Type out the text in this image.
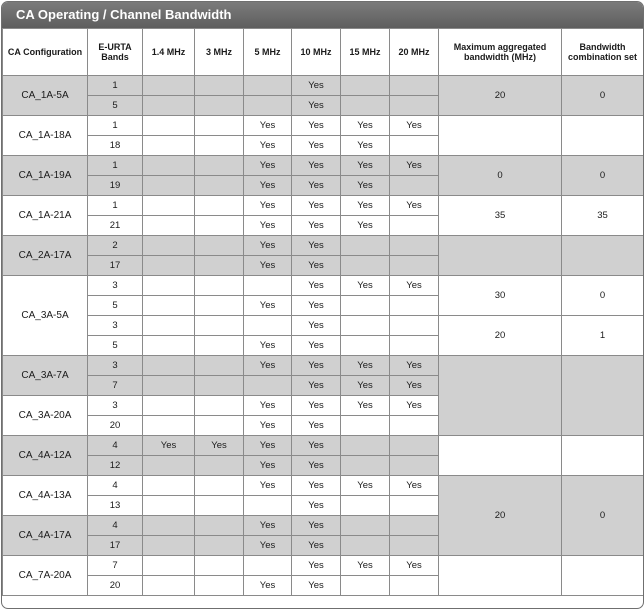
CA Operating / Channel Bandwidth
CA Configuration	E-URTA Bands	1.4 MHz	3 MHz	5 MHz	10 MHz	15 MHz	20 MHz	Maximum aggregated bandwidth (MHz)	Bandwidth combination set
CA_1A-5A	1				Yes			20	0
	5				Yes				
CA_1A-18A	1			Yes	Yes	Yes	Yes		
	18			Yes	Yes	Yes			
CA_1A-19A	1			Yes	Yes	Yes	Yes	0	0
	19			Yes	Yes	Yes			
CA_1A-21A	1			Yes	Yes	Yes	Yes	35	35
	21			Yes	Yes	Yes			
CA_2A-17A	2			Yes	Yes				
	17			Yes	Yes				
CA_3A-5A	3				Yes	Yes	Yes	30	0
	5			Yes	Yes				
	3				Yes			20	1
	5			Yes	Yes				
CA_3A-7A	3			Yes	Yes	Yes	Yes		
	7				Yes	Yes	Yes		
CA_3A-20A	3			Yes	Yes	Yes	Yes		
	20			Yes	Yes				
CA_4A-12A	4	Yes	Yes	Yes	Yes				
	12			Yes	Yes				
CA_4A-13A	4			Yes	Yes	Yes	Yes	20	0
	13				Yes				
CA_4A-17A	4			Yes	Yes				
	17			Yes	Yes				
CA_7A-20A	7				Yes	Yes	Yes		
	20			Yes	Yes				
